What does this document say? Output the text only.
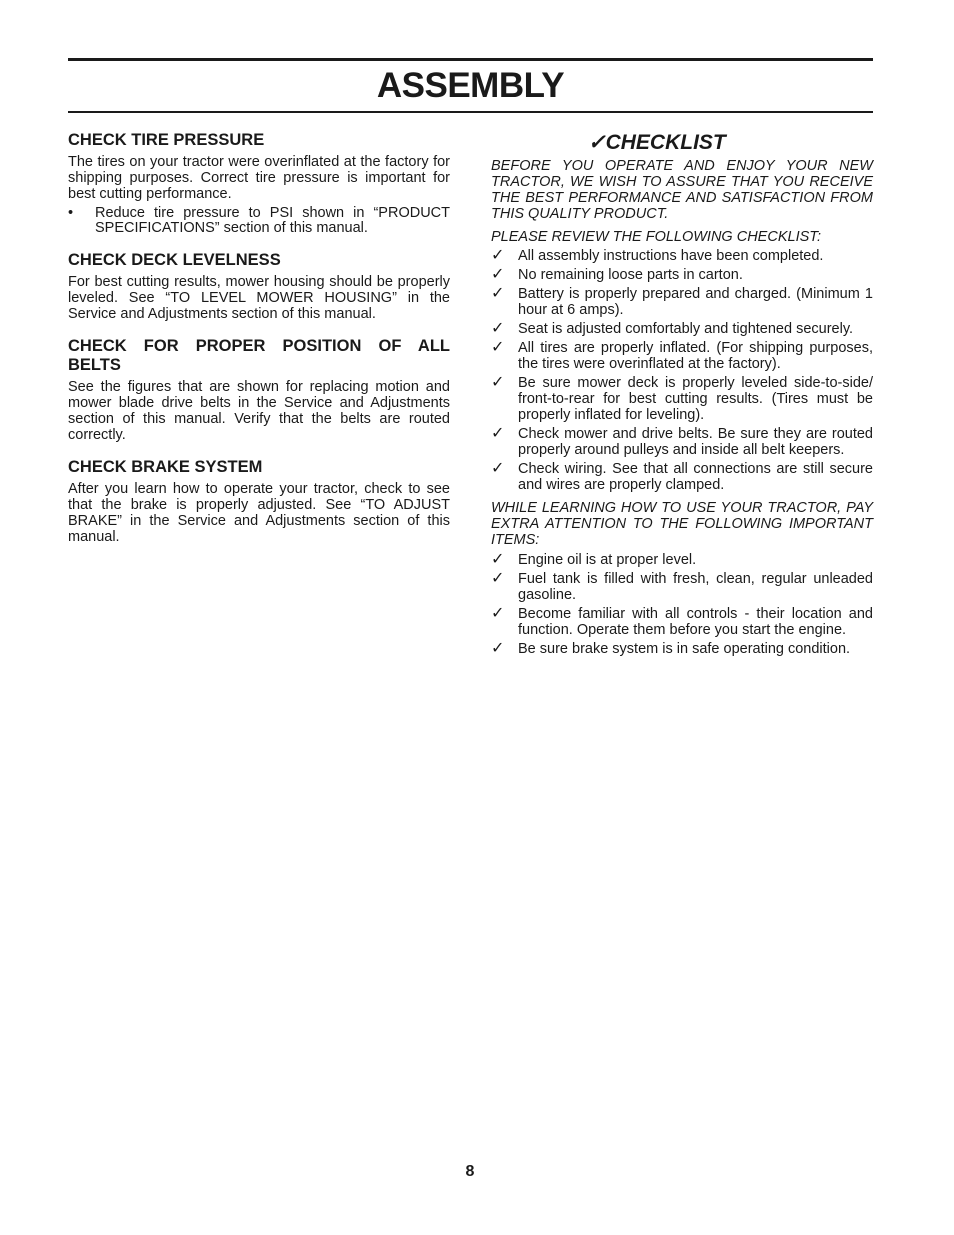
ASSEMBLY
CHECK TIRE PRESSURE

The tires on your tractor were overinflated at the factory for shipping purposes. Correct tire pressure is important for best cutting performance.

•	Reduce tire pressure to PSI shown in “PRODUCT SPECIFICATIONS” section of this manual.
CHECK DECK LEVELNESS

For best cutting results, mower housing should be properly leveled. See “TO LEVEL MOWER HOUSING” in the Service and Adjustments section of this manual.

CHECK FOR PROPER POSITION OF ALL BELTS

See the figures that are shown for replacing motion and mower blade drive belts in the Service and Adjustments section of this manual. Verify that the belts are routed correctly.

CHECK BRAKE SYSTEM

After you learn how to operate your tractor, check to see that the brake is properly adjusted. See “TO ADJUST BRAKE” in the Service and Adjustments section of this manual.

✓CHECKLIST

BEFORE YOU OPERATE AND ENJOY YOUR NEW TRACTOR, WE WISH TO ASSURE THAT YOU RECEIVE THE BEST PERFORMANCE AND SATISFACTION FROM THIS QUALITY PRODUCT.

PLEASE REVIEW THE FOLLOWING CHECKLIST:

✓ All assembly instructions have been completed.
✓ No remaining loose parts in carton.
✓ Battery is properly prepared and charged. (Minimum 1 hour at 6 amps).
✓ Seat is adjusted comfortably and tightened securely.
✓ All tires are properly inflated. (For shipping purposes, the tires were overinflated at the factory).
✓ Be sure mower deck is properly leveled side-to-side/ front-to-rear for best cutting results. (Tires must be properly inflated for leveling).
✓ Check mower and drive belts. Be sure they are routed properly around pulleys and inside all belt keepers.
✓ Check wiring. See that all connections are still secure and wires are properly clamped.

WHILE LEARNING HOW TO USE YOUR TRACTOR, PAY EXTRA ATTENTION TO THE FOLLOWING IMPORTANT ITEMS:

✓ Engine oil is at proper level.
✓ Fuel tank is filled with fresh, clean, regular unleaded gasoline.
✓ Become familiar with all controls - their location and function. Operate them before you start the engine.
✓ Be sure brake system is in safe operating condition.
8
